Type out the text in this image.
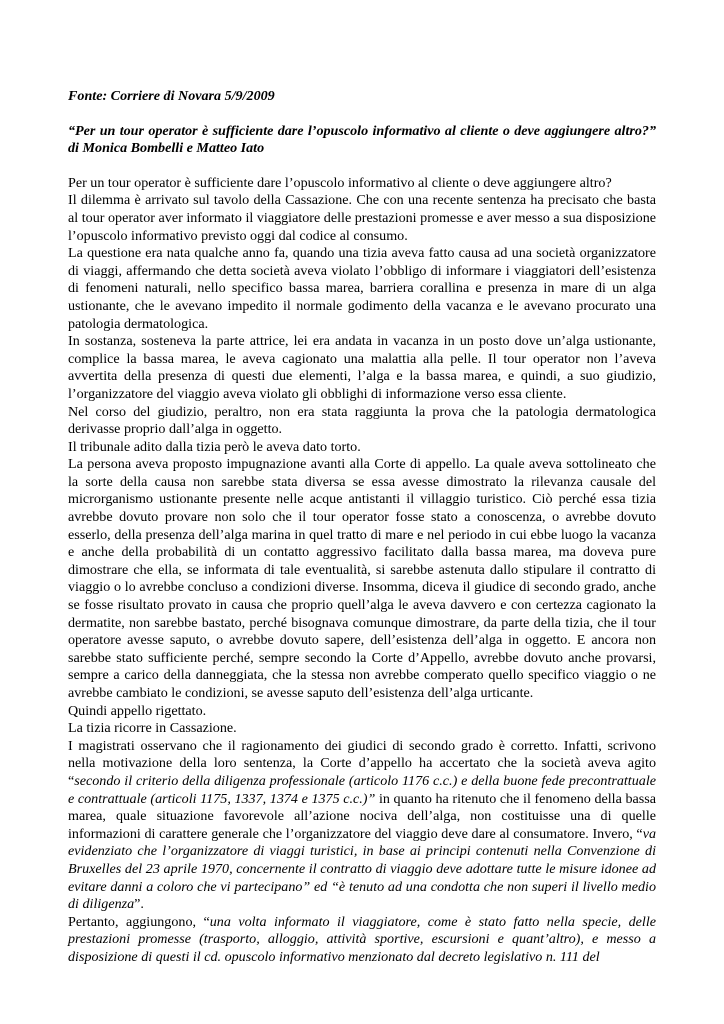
Fonte: Corriere di Novara 5/9/2009

“Per un tour operator è sufficiente dare l’opuscolo informativo al cliente o deve aggiungere altro?” di Monica Bombelli e Matteo Iato

Per un tour operator è sufficiente dare l’opuscolo informativo al cliente o deve aggiungere altro?

Il dilemma è arrivato sul tavolo della Cassazione. Che con una recente sentenza ha precisato che basta al tour operator aver informato il viaggiatore delle prestazioni promesse e aver messo a sua disposizione l’opuscolo informativo previsto oggi dal codice al consumo.

La questione era nata qualche anno fa, quando una tizia aveva fatto causa ad una società organizzatore di viaggi, affermando che detta società aveva violato l’obbligo di informare i viaggiatori dell’esistenza di fenomeni naturali, nello specifico bassa marea, barriera corallina e presenza in mare di un alga ustionante, che le avevano impedito il normale godimento della vacanza e le avevano procurato una patologia dermatologica.

In sostanza, sosteneva la parte attrice, lei era andata in vacanza in un posto dove un’alga ustionante, complice la bassa marea, le aveva cagionato una malattia alla pelle. Il tour operator non l’aveva avvertita della presenza di questi due elementi, l’alga e la bassa marea, e quindi, a suo giudizio, l’organizzatore del viaggio aveva violato gli obblighi di informazione verso essa cliente.

Nel corso del giudizio, peraltro, non era stata raggiunta la prova che la patologia dermatologica derivasse proprio dall’alga in oggetto.

Il tribunale adito dalla tizia però le aveva dato torto.

La persona aveva proposto impugnazione avanti alla Corte di appello. La quale aveva sottolineato che la sorte della causa non sarebbe stata diversa se essa avesse dimostrato la rilevanza causale del microrganismo ustionante presente nelle acque antistanti il villaggio turistico. Ciò perché essa tizia avrebbe dovuto provare non solo che il tour operator fosse stato a conoscenza, o avrebbe dovuto esserlo, della presenza dell’alga marina in quel tratto di mare e nel periodo in cui ebbe luogo la vacanza e anche della probabilità di un contatto aggressivo facilitato dalla bassa marea, ma doveva pure dimostrare che ella, se informata di tale eventualità, si sarebbe astenuta dallo stipulare il contratto di viaggio o lo avrebbe concluso a condizioni diverse. Insomma, diceva il giudice di secondo grado, anche se fosse risultato provato in causa che proprio quell’alga le aveva davvero e con certezza cagionato la dermatite, non sarebbe bastato, perché bisognava comunque dimostrare, da parte della tizia, che il tour operatore avesse saputo, o avrebbe dovuto sapere, dell’esistenza dell’alga in oggetto. E ancora non sarebbe stato sufficiente perché, sempre secondo la Corte d’Appello, avrebbe dovuto anche provarsi, sempre a carico della danneggiata, che la stessa non avrebbe comperato quello specifico viaggio o ne avrebbe cambiato le condizioni, se avesse saputo dell’esistenza dell’alga urticante.

Quindi appello rigettato.

La tizia ricorre in Cassazione.

I magistrati osservano che il ragionamento dei giudici di secondo grado è corretto. Infatti, scrivono nella motivazione della loro sentenza, la Corte d’appello ha accertato che la società aveva agito “secondo il criterio della diligenza professionale (articolo 1176 c.c.) e della buone fede precontrattuale e contrattuale (articoli 1175, 1337, 1374 e 1375 c.c.)” in quanto ha ritenuto che il fenomeno della bassa marea, quale situazione favorevole all’azione nociva dell’alga, non costituisse una di quelle informazioni di carattere generale che l’organizzatore del viaggio deve dare al consumatore. Invero, “va evidenziato che l’organizzatore di viaggi turistici, in base ai principi contenuti nella Convenzione di Bruxelles del 23 aprile 1970, concernente il contratto di viaggio deve adottare tutte le misure idonee ad evitare danni a coloro che vi partecipano” ed “è tenuto ad una condotta che non superi il livello medio di diligenza”.

Pertanto, aggiungono, “una volta informato il viaggiatore, come è stato fatto nella specie, delle prestazioni promesse (trasporto, alloggio, attività sportive, escursioni e quant’altro), e messo a disposizione di questi il cd. opuscolo informativo menzionato dal decreto legislativo n. 111 del
